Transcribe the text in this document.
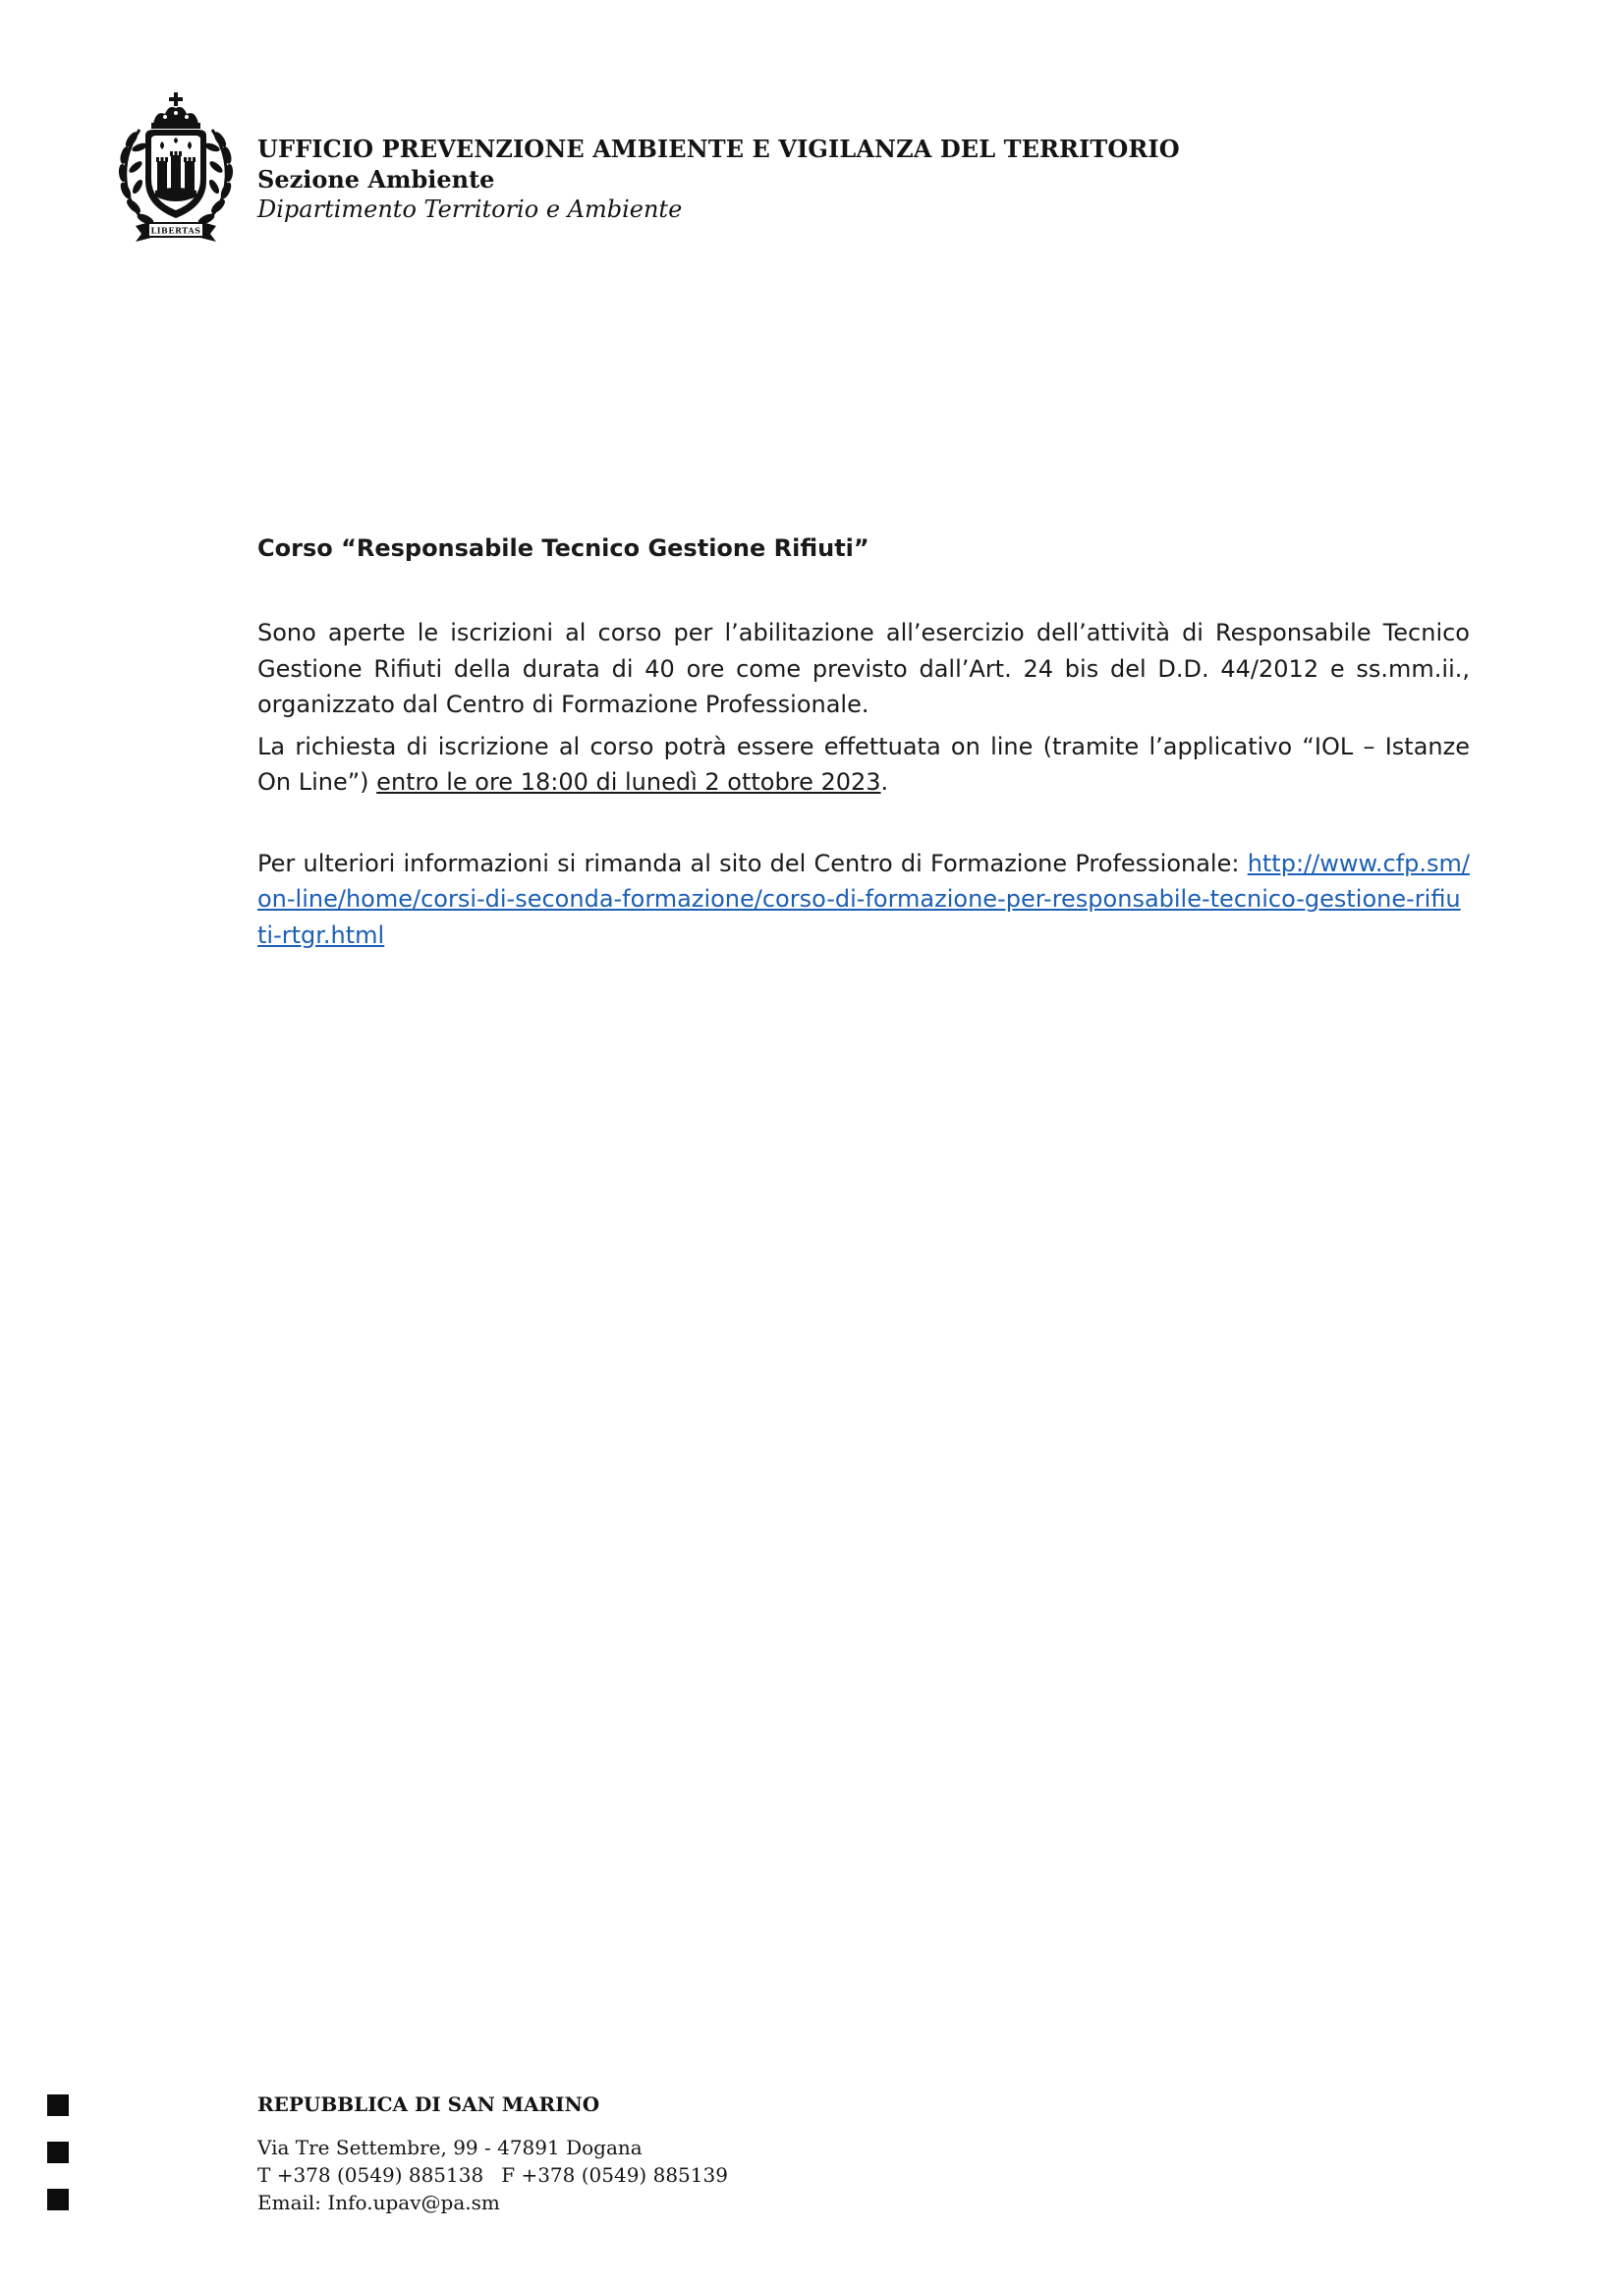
LIBERTAS
UFFICIO PREVENZIONE AMBIENTE E VIGILANZA DEL TERRITORIO
Sezione Ambiente
Dipartimento Territorio e Ambiente
Corso “Responsabile Tecnico Gestione Rifiuti”

Sono aperte le iscrizioni al corso per l’abilitazione all’esercizio dell’attività di Responsabile Tecnico Gestione Rifiuti della durata di 40 ore come previsto dall’Art. 24 bis del D.D. 44/2012 e ss.mm.ii., organizzato dal Centro di Formazione Professionale.

La richiesta di iscrizione al corso potrà essere effettuata on line (tramite l’applicativo “IOL – Istanze On Line”) entro le ore 18:00 di lunedì 2 ottobre 2023.

Per ulteriori informazioni si rimanda al sito del Centro di Formazione Professionale: http://www.cfp.sm/on-line/home/corsi-di-seconda-formazione/corso-di-formazione-per-responsabile-tecnico-gestione-rifiuti-rtgr.html

REPUBBLICA DI SAN MARINO
Via Tre Settembre, 99 - 47891 Dogana
T +378 (0549) 885138 F +378 (0549) 885139
Email: Info.upav@pa.sm
